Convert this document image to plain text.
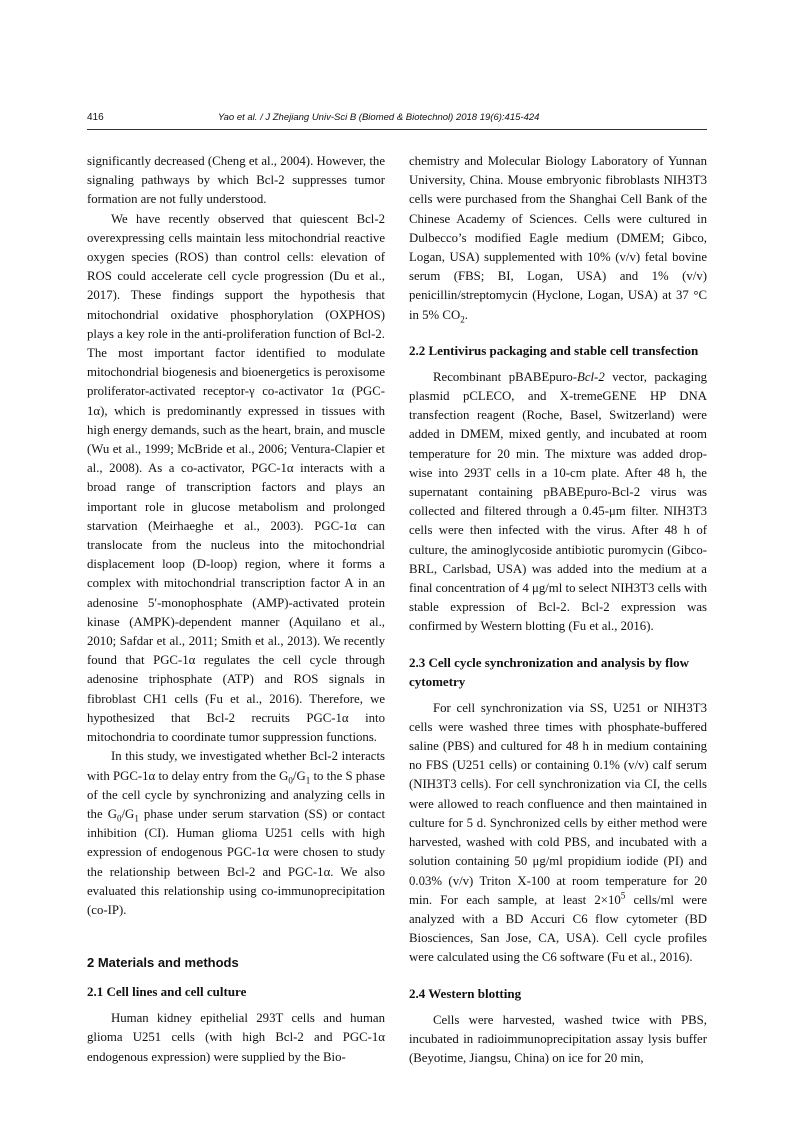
416	Yao et al. / J Zhejiang Univ-Sci B (Biomed & Biotechnol) 2018 19(6):415-424

significantly decreased (Cheng et al., 2004). However, the signaling pathways by which Bcl-2 suppresses tumor formation are not fully understood.

We have recently observed that quiescent Bcl-2 overexpressing cells maintain less mitochondrial reactive oxygen species (ROS) than control cells: elevation of ROS could accelerate cell cycle progression (Du et al., 2017). These findings support the hypothesis that mitochondrial oxidative phosphorylation (OXPHOS) plays a key role in the anti-proliferation function of Bcl-2. The most important factor identified to modulate mitochondrial biogenesis and bioenergetics is peroxisome proliferator-activated receptor-γ co-activator 1α (PGC-1α), which is predominantly expressed in tissues with high energy demands, such as the heart, brain, and muscle (Wu et al., 1999; McBride et al., 2006; Ventura-Clapier et al., 2008). As a co-activator, PGC-1α interacts with a broad range of transcription factors and plays an important role in glucose metabolism and prolonged starvation (Meirhaeghe et al., 2003). PGC-1α can translocate from the nucleus into the mitochondrial displacement loop (D-loop) region, where it forms a complex with mitochondrial transcription factor A in an adenosine 5′-monophosphate (AMP)-activated protein kinase (AMPK)-dependent manner (Aquilano et al., 2010; Safdar et al., 2011; Smith et al., 2013). We recently found that PGC-1α regulates the cell cycle through adenosine triphosphate (ATP) and ROS signals in fibroblast CH1 cells (Fu et al., 2016). Therefore, we hypothesized that Bcl-2 recruits PGC-1α into mitochondria to coordinate tumor suppression functions.

In this study, we investigated whether Bcl-2 interacts with PGC-1α to delay entry from the $G_0/G_1$ to the S phase of the cell cycle by synchronizing and analyzing cells in the $G_0/G_1$ phase under serum starvation (SS) or contact inhibition (CI). Human glioma U251 cells with high expression of endogenous PGC-1α were chosen to study the relationship between Bcl-2 and PGC-1α. We also evaluated this relationship using co-immunoprecipitation (co-IP).

2 Materials and methods
2.1 Cell lines and cell culture

Human kidney epithelial 293T cells and human glioma U251 cells (with high Bcl-2 and PGC-1α endogenous expression) were supplied by the Bio-

chemistry and Molecular Biology Laboratory of Yunnan University, China. Mouse embryonic fibroblasts NIH3T3 cells were purchased from the Shanghai Cell Bank of the Chinese Academy of Sciences. Cells were cultured in Dulbecco’s modified Eagle medium (DMEM; Gibco, Logan, USA) supplemented with 10% (v/v) fetal bovine serum (FBS; BI, Logan, USA) and 1% (v/v) penicillin/streptomycin (Hyclone, Logan, USA) at 37 °C in 5% $CO_2$.

2.2 Lentivirus packaging and stable cell transfection

Recombinant pBABEpuro-Bcl-2 vector, packaging plasmid pCLECO, and X-tremeGENE HP DNA transfection reagent (Roche, Basel, Switzerland) were added in DMEM, mixed gently, and incubated at room temperature for 20 min. The mixture was added drop-wise into 293T cells in a 10-cm plate. After 48 h, the supernatant containing pBABEpuro-Bcl-2 virus was collected and filtered through a 0.45-μm filter. NIH3T3 cells were then infected with the virus. After 48 h of culture, the aminoglycoside antibiotic puromycin (Gibco-BRL, Carlsbad, USA) was added into the medium at a final concentration of 4 μg/ml to select NIH3T3 cells with stable expression of Bcl-2. Bcl-2 expression was confirmed by Western blotting (Fu et al., 2016).

2.3 Cell cycle synchronization and analysis by flow cytometry

For cell synchronization via SS, U251 or NIH3T3 cells were washed three times with phosphate-buffered saline (PBS) and cultured for 48 h in medium containing no FBS (U251 cells) or containing 0.1% (v/v) calf serum (NIH3T3 cells). For cell synchronization via CI, the cells were allowed to reach confluence and then maintained in culture for 5 d. Synchronized cells by either method were harvested, washed with cold PBS, and incubated with a solution containing 50 μg/ml propidium iodide (PI) and 0.03% (v/v) Triton X-100 at room temperature for 20 min. For each sample, at least $2\times 10^5$ cells/ml were analyzed with a BD Accuri C6 flow cytometer (BD Biosciences, San Jose, CA, USA). Cell cycle profiles were calculated using the C6 software (Fu et al., 2016).

2.4 Western blotting

Cells were harvested, washed twice with PBS, incubated in radioimmunoprecipitation assay lysis buffer (Beyotime, Jiangsu, China) on ice for 20 min,
